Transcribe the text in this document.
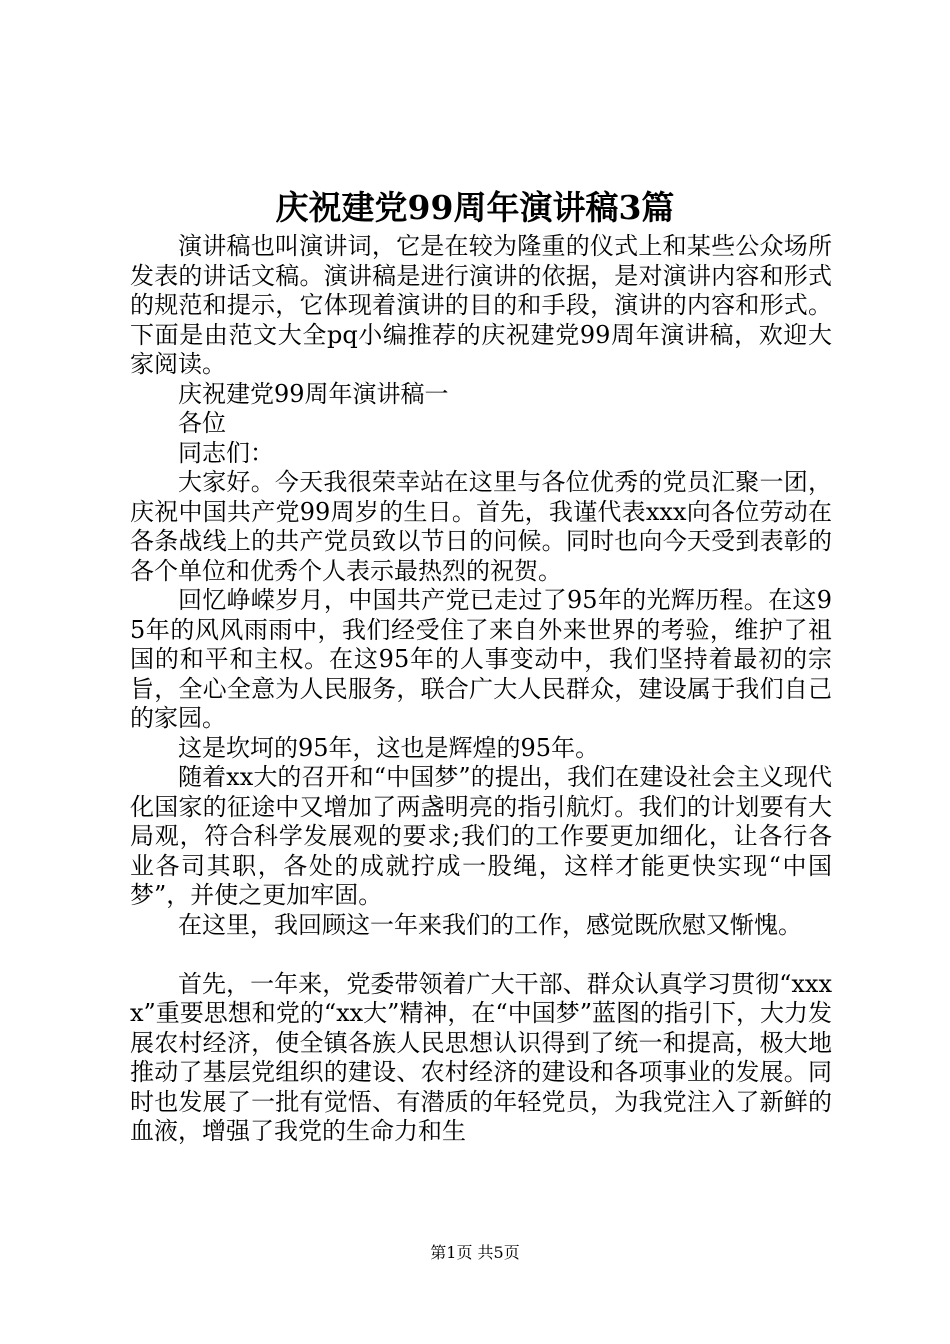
庆祝建党99周年演讲稿3篇

演讲稿也叫演讲词，它是在较为隆重的仪式上和某些公众场所发表的讲话文稿。演讲稿是进行演讲的依据，是对演讲内容和形式的规范和提示，它体现着演讲的目的和手段，演讲的内容和形式。下面是由范文大全pq小编推荐的庆祝建党99周年演讲稿，欢迎大家阅读。

庆祝建党99周年演讲稿一

各位

同志们：

大家好。今天我很荣幸站在这里与各位优秀的党员汇聚一团，庆祝中国共产党99周岁的生日。首先，我谨代表xxx向各位劳动在各条战线上的共产党员致以节日的问候。同时也向今天受到表彰的各个单位和优秀个人表示最热烈的祝贺。

回忆峥嵘岁月，中国共产党已走过了95年的光辉历程。在这95年的风风雨雨中，我们经受住了来自外来世界的考验，维护了祖国的和平和主权。在这95年的人事变动中，我们坚持着最初的宗旨，全心全意为人民服务，联合广大人民群众，建设属于我们自己的家园。

这是坎坷的95年，这也是辉煌的95年。

随着xx大的召开和“中国梦”的提出，我们在建设社会主义现代化国家的征途中又增加了两盏明亮的指引航灯。我们的计划要有大局观，符合科学发展观的要求;我们的工作要更加细化，让各行各业各司其职，各处的成就拧成一股绳，这样才能更快实现“中国梦”，并使之更加牢固。

在这里，我回顾这一年来我们的工作，感觉既欣慰又惭愧。

首先，一年来，党委带领着广大干部、群众认真学习贯彻“xxxx”重要思想和党的“xx大”精神，在“中国梦”蓝图的指引下，大力发展农村经济，使全镇各族人民思想认识得到了统一和提高，极大地推动了基层党组织的建设、农村经济的建设和各项事业的发展。同时也发展了一批有觉悟、有潜质的年轻党员，为我党注入了新鲜的血液，增强了我党的生命力和生

第1页 共5页
